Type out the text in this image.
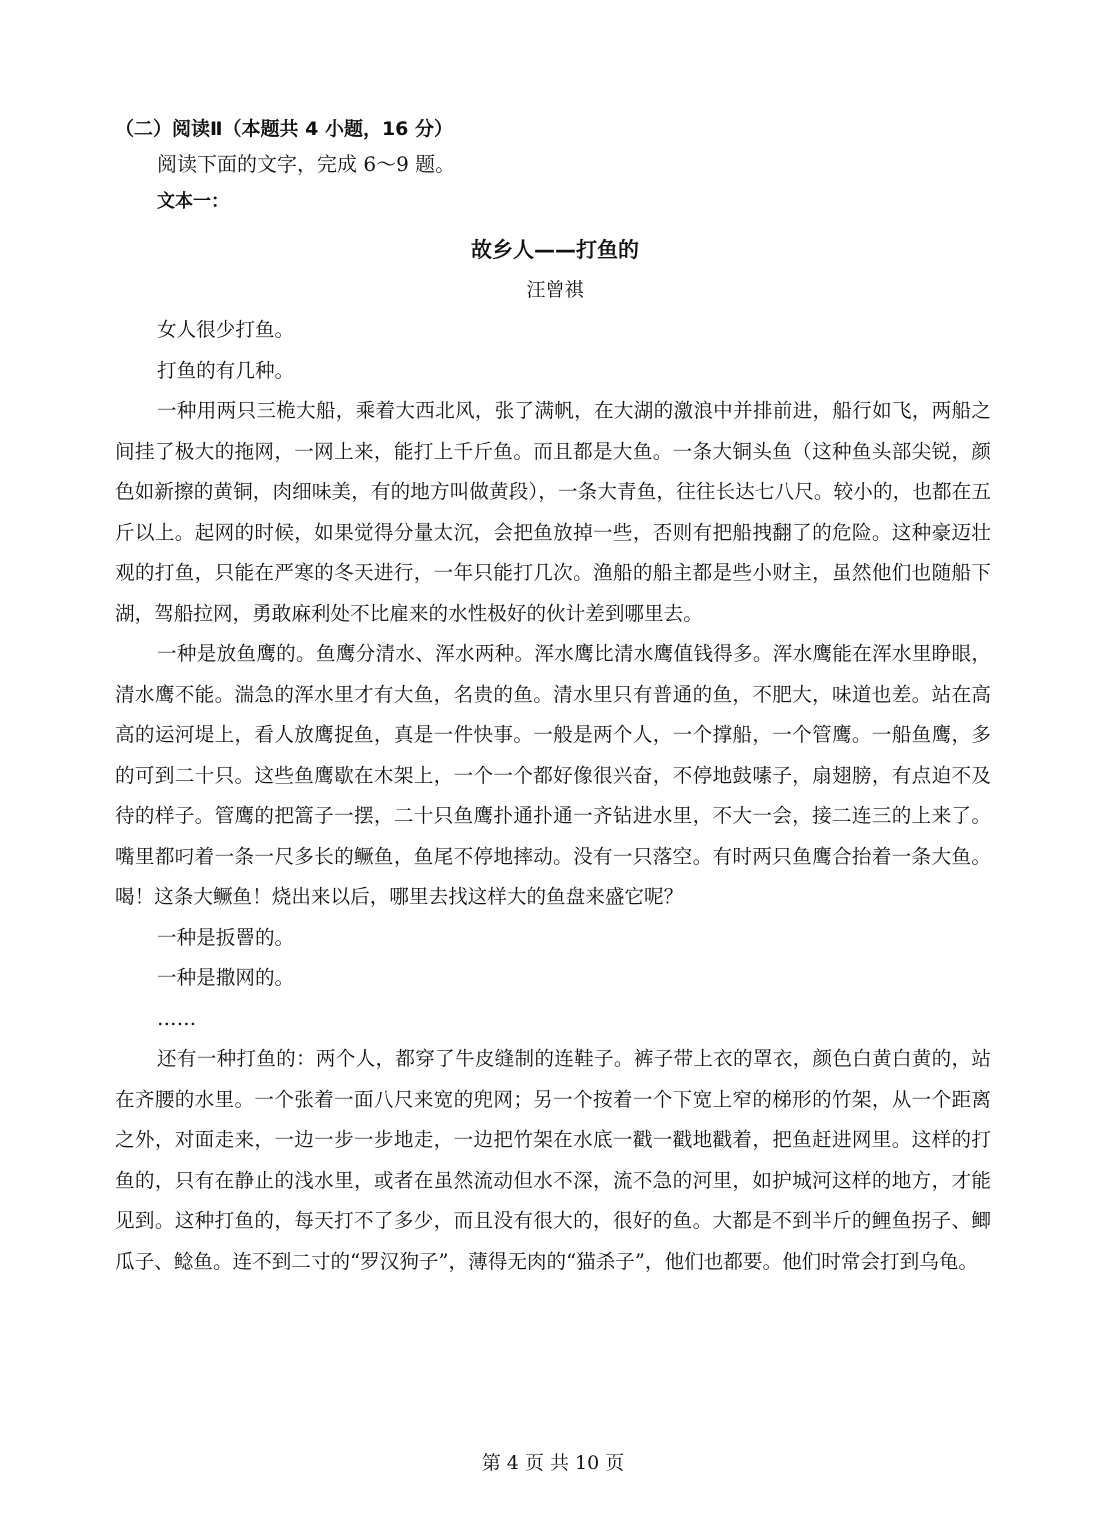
（二）阅读Ⅱ（本题共 4 小题，16 分）

阅读下面的文字，完成 6～9 题。

文本一：

故乡人——打鱼的

汪曾祺

女人很少打鱼。

打鱼的有几种。

一种用两只三桅大船，乘着大西北风，张了满帆，在大湖的激浪中并排前进，船行如飞，两船之间挂了极大的拖网，一网上来，能打上千斤鱼。而且都是大鱼。一条大铜头鱼（这种鱼头部尖锐，颜色如新擦的黄铜，肉细味美，有的地方叫做黄段），一条大青鱼，往往长达七八尺。较小的，也都在五斤以上。起网的时候，如果觉得分量太沉，会把鱼放掉一些，否则有把船拽翻了的危险。这种豪迈壮观的打鱼，只能在严寒的冬天进行，一年只能打几次。渔船的船主都是些小财主，虽然他们也随船下湖，驾船拉网，勇敢麻利处不比雇来的水性极好的伙计差到哪里去。

一种是放鱼鹰的。鱼鹰分清水、浑水两种。浑水鹰比清水鹰值钱得多。浑水鹰能在浑水里睁眼，清水鹰不能。湍急的浑水里才有大鱼，名贵的鱼。清水里只有普通的鱼，不肥大，味道也差。站在高高的运河堤上，看人放鹰捉鱼，真是一件快事。一般是两个人，一个撑船，一个管鹰。一船鱼鹰，多的可到二十只。这些鱼鹰歇在木架上，一个一个都好像很兴奋，不停地鼓嗉子，扇翅膀，有点迫不及待的样子。管鹰的把篙子一摆，二十只鱼鹰扑通扑通一齐钻进水里，不大一会，接二连三的上来了。嘴里都叼着一条一尺多长的鳜鱼，鱼尾不停地摔动。没有一只落空。有时两只鱼鹰合抬着一条大鱼。喝！这条大鳜鱼！烧出来以后，哪里去找这样大的鱼盘来盛它呢？

一种是扳罾的。

一种是撒网的。

……

还有一种打鱼的：两个人，都穿了牛皮缝制的连鞋子。裤子带上衣的罩衣，颜色白黄白黄的，站在齐腰的水里。一个张着一面八尺来宽的兜网；另一个按着一个下宽上窄的梯形的竹架，从一个距离之外，对面走来，一边一步一步地走，一边把竹架在水底一戳一戳地戳着，把鱼赶进网里。这样的打鱼的，只有在静止的浅水里，或者在虽然流动但水不深，流不急的河里，如护城河这样的地方，才能见到。这种打鱼的，每天打不了多少，而且没有很大的，很好的鱼。大都是不到半斤的鲤鱼拐子、鲫瓜子、鲶鱼。连不到二寸的“罗汉狗子”，薄得无肉的“猫杀子”，他们也都要。他们时常会打到乌龟。

第 4 页 共 10 页
